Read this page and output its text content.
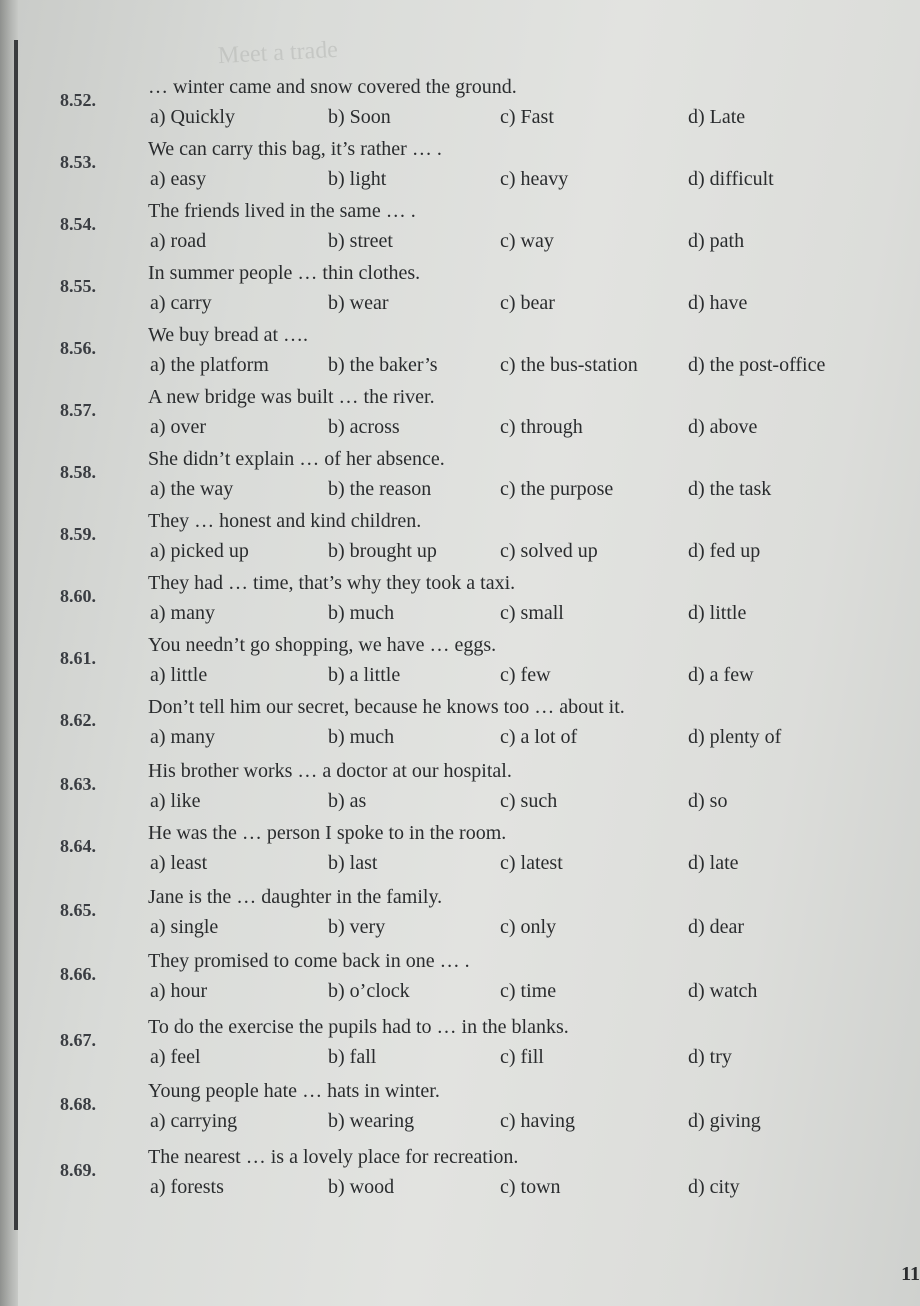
Meet a trade
8.52.
… winter came and snow covered the ground.
a) Quickly	b) Soon	c) Fast	d) Late
8.53.
We can carry this bag, it’s rather … .
a) easy	b) light	c) heavy	d) difficult
8.54.
The friends lived in the same … .
a) road	b) street	c) way	d) path
8.55.
In summer people … thin clothes.
a) carry	b) wear	c) bear	d) have
8.56.
We buy bread at ….
a) the platform	b) the baker’s	c) the bus-station	d) the post-office
8.57.
A new bridge was built … the river.
a) over	b) across	c) through	d) above
8.58.
She didn’t explain … of her absence.
a) the way	b) the reason	c) the purpose	d) the task
8.59.
They … honest and kind children.
a) picked up	b) brought up	c) solved up	d) fed up
8.60.
They had … time, that’s why they took a taxi.
a) many	b) much	c) small	d) little
8.61.
You needn’t go shopping, we have … eggs.
a) little	b) a little	c) few	d) a few
8.62.
Don’t tell him our secret, because he knows too … about it.
a) many	b) much	c) a lot of	d) plenty of
8.63.
His brother works … a doctor at our hospital.
a) like	b) as	c) such	d) so
8.64.
He was the … person I spoke to in the room.
a) least	b) last	c) latest	d) late
8.65.
Jane is the … daughter in the family.
a) single	b) very	c) only	d) dear
8.66.
They promised to come back in one … .
a) hour	b) o’clock	c) time	d) watch
8.67.
To do the exercise the pupils had to … in the blanks.
a) feel	b) fall	c) fill	d) try
8.68.
Young people hate … hats in winter.
a) carrying	b) wearing	c) having	d) giving
8.69.
The nearest … is a lovely place for recreation.
a) forests	b) wood	c) town	d) city
11
